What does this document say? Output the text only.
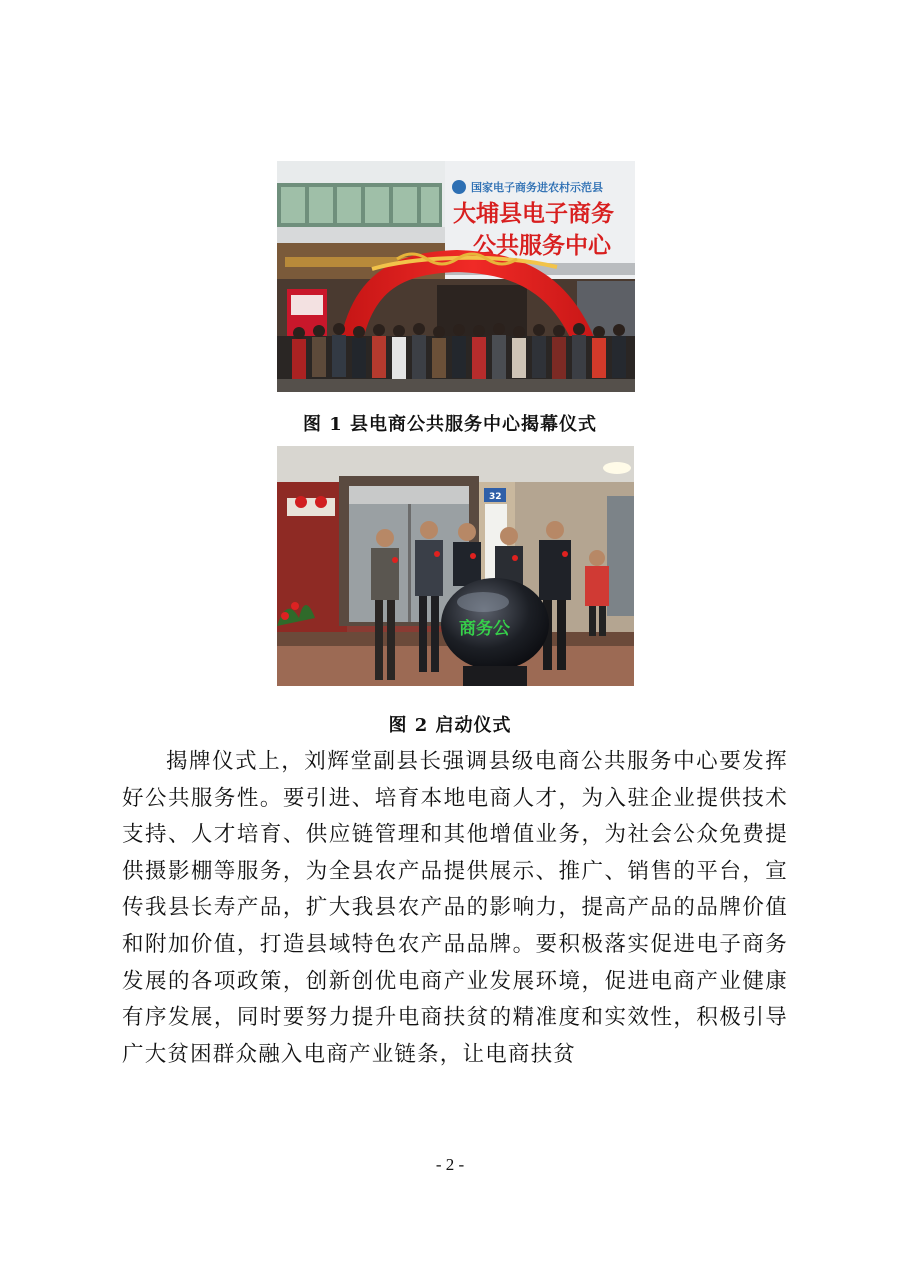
国家电子商务进农村示范县
大埔县电子商务
公共服务中心
图 1 县电商公共服务中心揭幕仪式
32
商务公
图 2 启动仪式

揭牌仪式上，刘辉堂副县长强调县级电商公共服务中心要发挥好公共服务性。要引进、培育本地电商人才，为入驻企业提供技术支持、人才培育、供应链管理和其他增值业务，为社会公众免费提供摄影棚等服务，为全县农产品提供展示、推广、销售的平台，宣传我县长寿产品，扩大我县农产品的影响力，提高产品的品牌价值和附加价值，打造县域特色农产品品牌。要积极落实促进电子商务发展的各项政策，创新创优电商产业发展环境，促进电商产业健康有序发展，同时要努力提升电商扶贫的精准度和实效性，积极引导广大贫困群众融入电商产业链条，让电商扶贫

- 2 -
